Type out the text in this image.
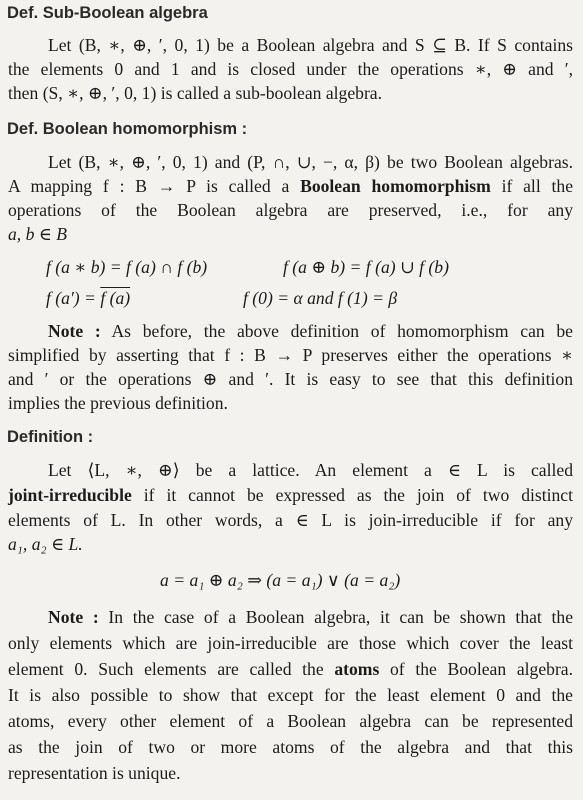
Def. Sub-Boolean algebra
Let (B, ∗, ⊕, ′, 0, 1) be a Boolean algebra and S ⊆ B. If S contains
the elements 0 and 1 and is closed under the operations ∗, ⊕ and ′,
then (S, ∗, ⊕, ′, 0, 1) is called a sub-boolean algebra.
Def. Boolean homomorphism :
Let (B, ∗, ⊕, ′, 0, 1) and (P, ∩, ∪, −, α, β) be two Boolean algebras.
A mapping f : B → P is called a Boolean homomorphism if all the
operations of the Boolean algebra are preserved, i.e., for any
a, b ∈ B
f (a ∗ b) = f (a) ∩ f (b)	f (a ⊕ b) = f (a) ∪ f (b)
f (a′) = f (a)	f (0) = α and f (1) = β
Note : As before, the above definition of homomorphism can be
simplified by asserting that f : B → P preserves either the operations ∗
and ′ or the operations ⊕ and ′. It is easy to see that this definition
implies the previous definition.
Definition :
Let ⟨L, ∗, ⊕⟩ be a lattice. An element a ∈ L is called
joint-irreducible if it cannot be expressed as the join of two distinct
elements of L. In other words, a ∈ L is join-irreducible if for any
a₁, a₂ ∈ L.
a = a₁ ⊕ a₂ ⇒ (a = a₁) ∨ (a = a₂)
Note : In the case of a Boolean algebra, it can be shown that the
only elements which are join-irreducible are those which cover the least
element 0. Such elements are called the atoms of the Boolean algebra.
It is also possible to show that except for the least element 0 and the
atoms, every other element of a Boolean algebra can be represented
as the join of two or more atoms of the algebra and that this
representation is unique.
